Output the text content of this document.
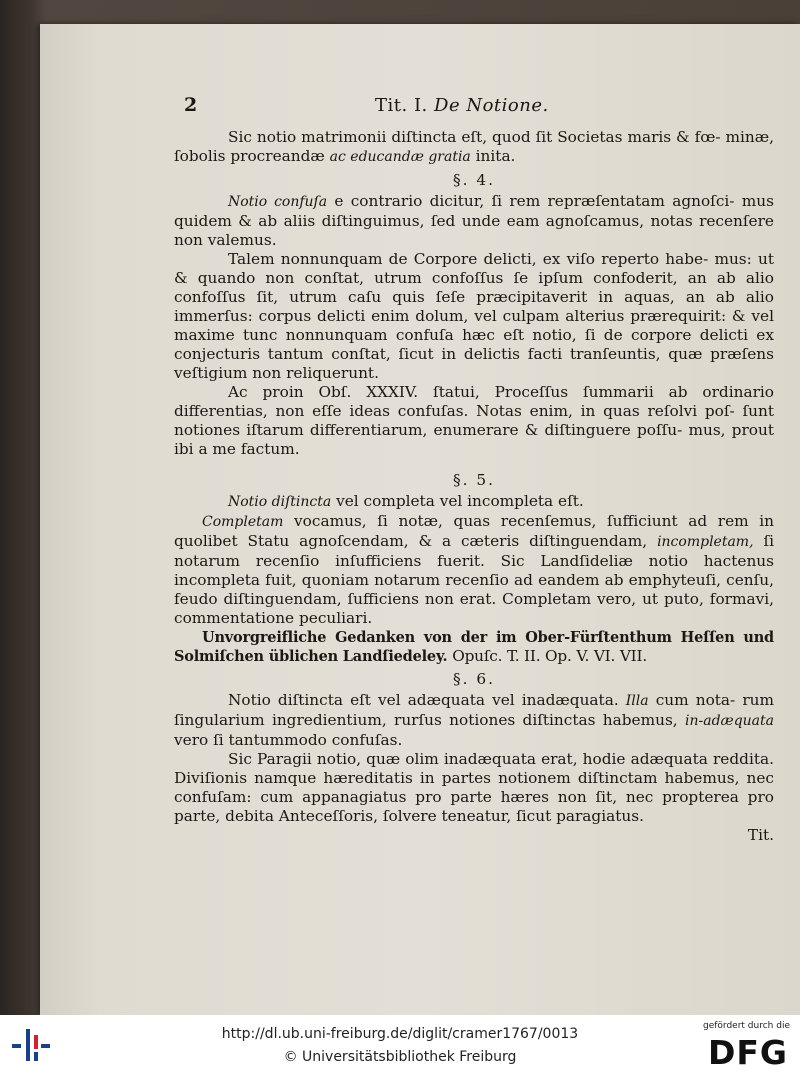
2	Tit. I. De Notione.

Sic notio matrimonii diſtincta eſt, quod ſit Societas maris & fœ- minæ, ſobolis procreandæ ac educandæ gratia inita.

§. 4.

Notio confuſa e contrario dicitur, ſi rem repræſentatam agnoſci- mus quidem & ab aliis diſtinguimus, ſed unde eam agnoſcamus, notas recenſere non valemus.

Talem nonnunquam de Corpore delicti, ex viſo reperto habe- mus: ut & quando non conſtat, utrum confoſſus ſe ipſum confoderit, an ab alio confoſſus ſit, utrum caſu quis ſeſe præcipitaverit in aquas, an ab alio immerſus: corpus delicti enim dolum, vel culpam alterius prærequirit: & vel maxime tunc nonnunquam confuſa hæc eſt notio, ſi de corpore delicti ex conjecturis tantum conſtat, ſicut in delictis facti tranſeuntis, quæ præſens veſtigium non reliquerunt.

Ac proin Obſ. XXXIV. ſtatui, Proceſſus ſummarii ab ordinario differentias, non eſſe ideas confuſas. Notas enim, in quas reſolvi poſ- ſunt notiones iſtarum differentiarum, enumerare & diſtinguere poſſu- mus, prout ibi a me factum.

§. 5.

Notio diſtincta vel completa vel incompleta eſt.

Completam vocamus, ſi notæ, quas recenſemus, ſufficiunt ad rem in quolibet Statu agnoſcendam, & a cæteris diſtinguendam, incompletam, ſi notarum recenſio inſufficiens fuerit. Sic Landſideliæ notio hactenus incompleta fuit, quoniam notarum recenſio ad eandem ab emphyteuſi, cenſu, feudo diſtinguendam, ſufficiens non erat. Completam vero, ut puto, formavi, commentatione peculiari.

Unvorgreifliche Gedanken von der im Ober-Fürſtenthum Heſſen und Solmiſchen üblichen Landſiedeley. Opuſc. T. II. Op. V. VI. VII.

§. 6.

Notio diſtincta eſt vel adæquata vel inadæquata. Illa cum nota- rum ſingularium ingredientium, rurſus notiones diſtinctas habemus, in-adæquata vero ſi tantummodo confuſas.

Sic Paragii notio, quæ olim inadæquata erat, hodie adæquata reddita. Diviſionis namque hæreditatis in partes notionem diſtinctam habemus, nec confuſam: cum appanagiatus pro parte hæres non ſit, nec propterea pro parte, debita Anteceſſoris, ſolvere teneatur, ſicut paragiatus.

Tit.
http://dl.ub.uni-freiburg.de/diglit/cramer1767/0013
© Universitätsbibliothek Freiburg
gefördert durch die
DFG
